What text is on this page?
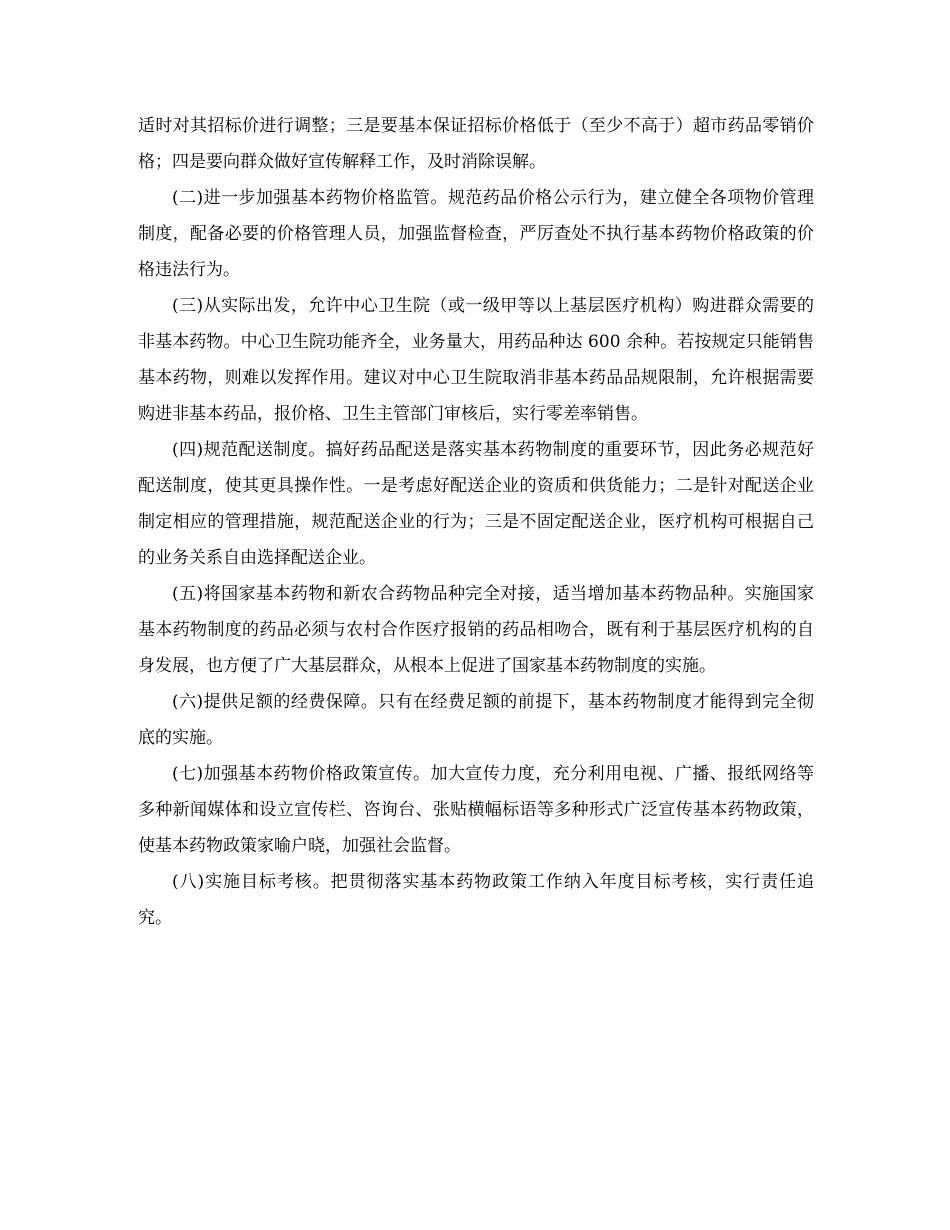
适时对其招标价进行调整；三是要基本保证招标价格低于（至少不高于）超市药品零销价格；四是要向群众做好宣传解释工作，及时消除误解。

(二)进一步加强基本药物价格监管。规范药品价格公示行为，建立健全各项物价管理制度，配备必要的价格管理人员，加强监督检查，严厉查处不执行基本药物价格政策的价格违法行为。

(三)从实际出发，允许中心卫生院（或一级甲等以上基层医疗机构）购进群众需要的非基本药物。中心卫生院功能齐全，业务量大，用药品种达 600 余种。若按规定只能销售基本药物，则难以发挥作用。建议对中心卫生院取消非基本药品品规限制，允许根据需要购进非基本药品，报价格、卫生主管部门审核后，实行零差率销售。

(四)规范配送制度。搞好药品配送是落实基本药物制度的重要环节，因此务必规范好配送制度，使其更具操作性。一是考虑好配送企业的资质和供货能力；二是针对配送企业制定相应的管理措施，规范配送企业的行为；三是不固定配送企业，医疗机构可根据自己的业务关系自由选择配送企业。

(五)将国家基本药物和新农合药物品种完全对接，适当增加基本药物品种。实施国家基本药物制度的药品必须与农村合作医疗报销的药品相吻合，既有利于基层医疗机构的自身发展，也方便了广大基层群众，从根本上促进了国家基本药物制度的实施。

(六)提供足额的经费保障。只有在经费足额的前提下，基本药物制度才能得到完全彻底的实施。

(七)加强基本药物价格政策宣传。加大宣传力度，充分利用电视、广播、报纸网络等多种新闻媒体和设立宣传栏、咨询台、张贴横幅标语等多种形式广泛宣传基本药物政策，使基本药物政策家喻户晓，加强社会监督。

(八)实施目标考核。把贯彻落实基本药物政策工作纳入年度目标考核，实行责任追究。
